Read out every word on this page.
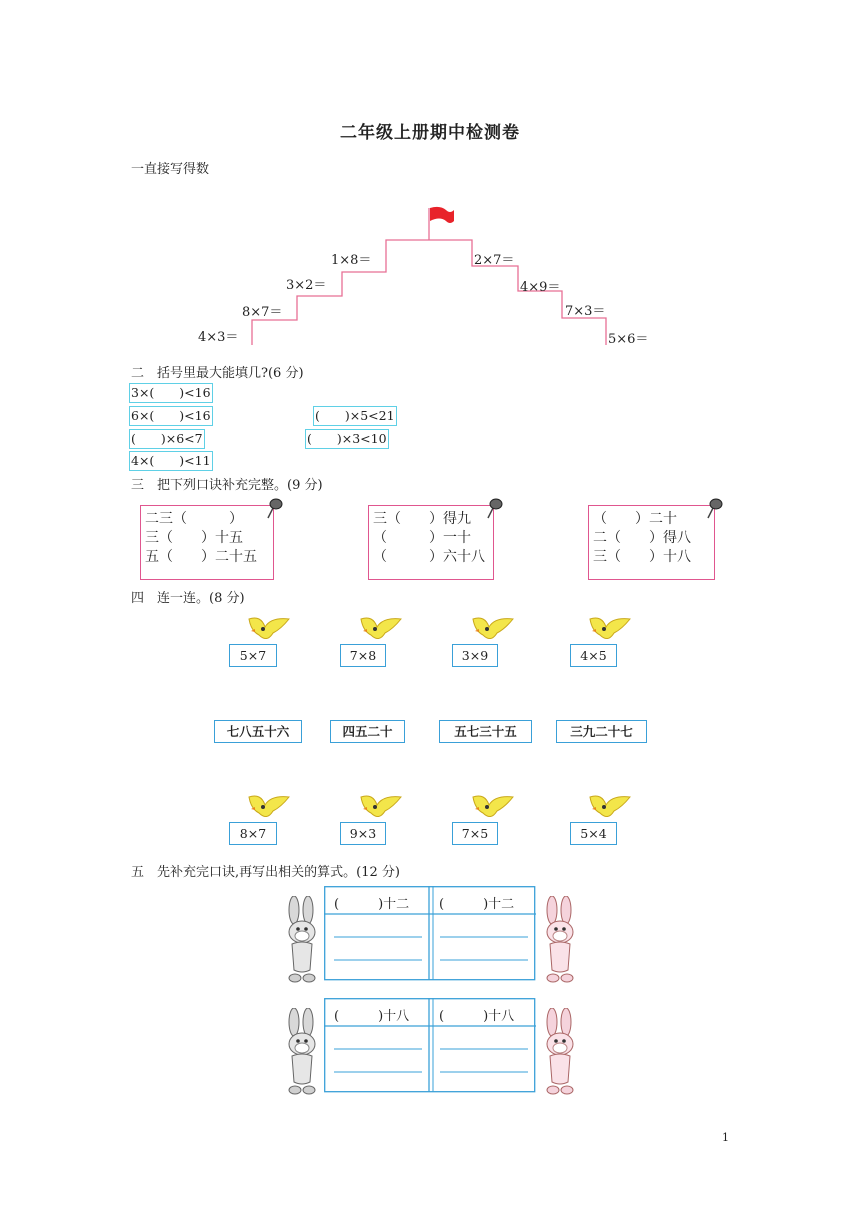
二年级上册期中检测卷
一直接写得数
4×3＝
8×7＝
3×2＝
1×8＝	2×7＝
4×9＝
7×3＝
5×6＝
二　括号里最大能填几?(6 分)
3×(　　)<16
6×(　　)<16	(　　)×5<21
(　　)×6<7	(　　)×3<10
4×(　　)<11
三　把下列口诀补充完整。(9 分)
二三（　　　）
三（　　）十五
五（　　）二十五
三（　　）得九
（　　　）一十
（　　　）六十八
（　　）二十
二（　　）得八
三（　　）十八
四　连一连。(8 分)
5×7	7×8	3×9	4×5
七八五十六	四五二十	五七三十五	三九二十七
8×7	9×3	7×5	5×4
五　先补充完口诀,再写出相关的算式。(12 分)
(　　　)十二 (　　　)十二
(　　　)十八 (　　　)十八
1
